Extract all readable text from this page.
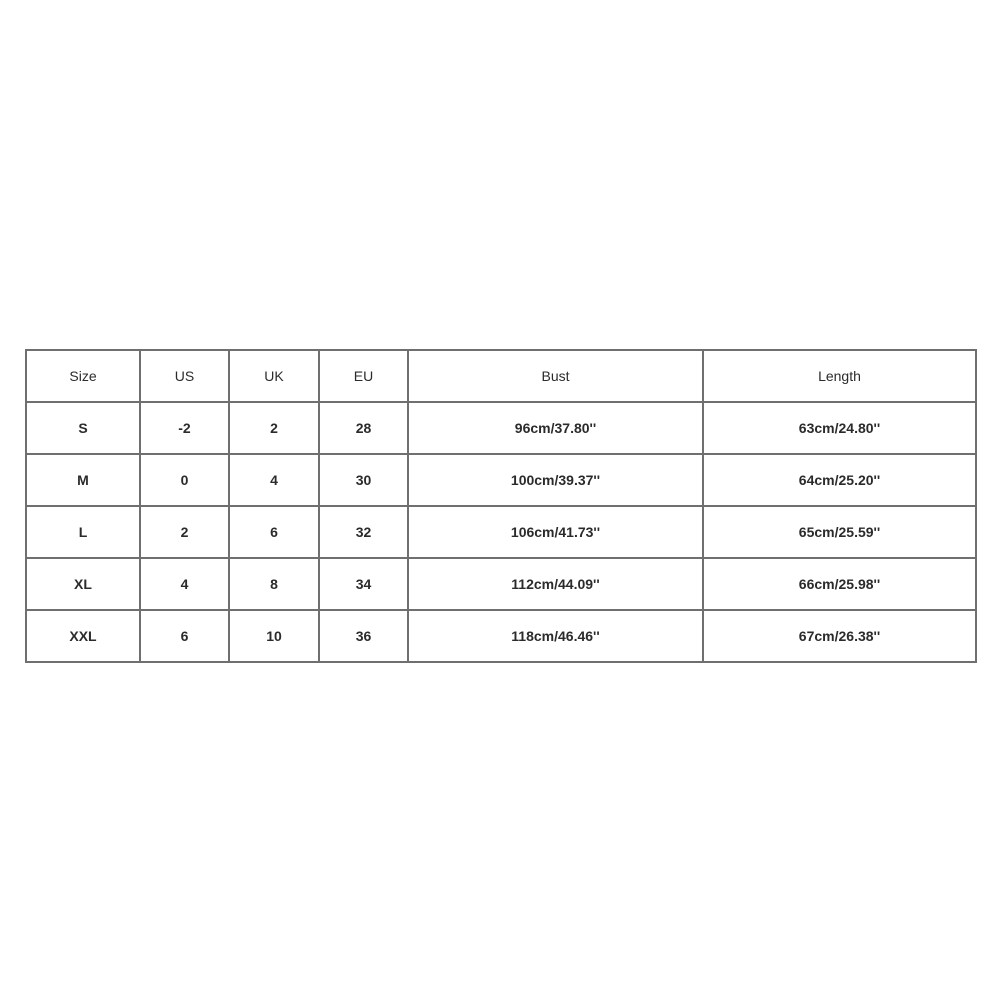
Size	US	UK	EU	Bust	Length
S	-2	2	28	96cm/37.80''	63cm/24.80''
M	0	4	30	100cm/39.37''	64cm/25.20''
L	2	6	32	106cm/41.73''	65cm/25.59''
XL	4	8	34	112cm/44.09''	66cm/25.98''
XXL	6	10	36	118cm/46.46''	67cm/26.38''
